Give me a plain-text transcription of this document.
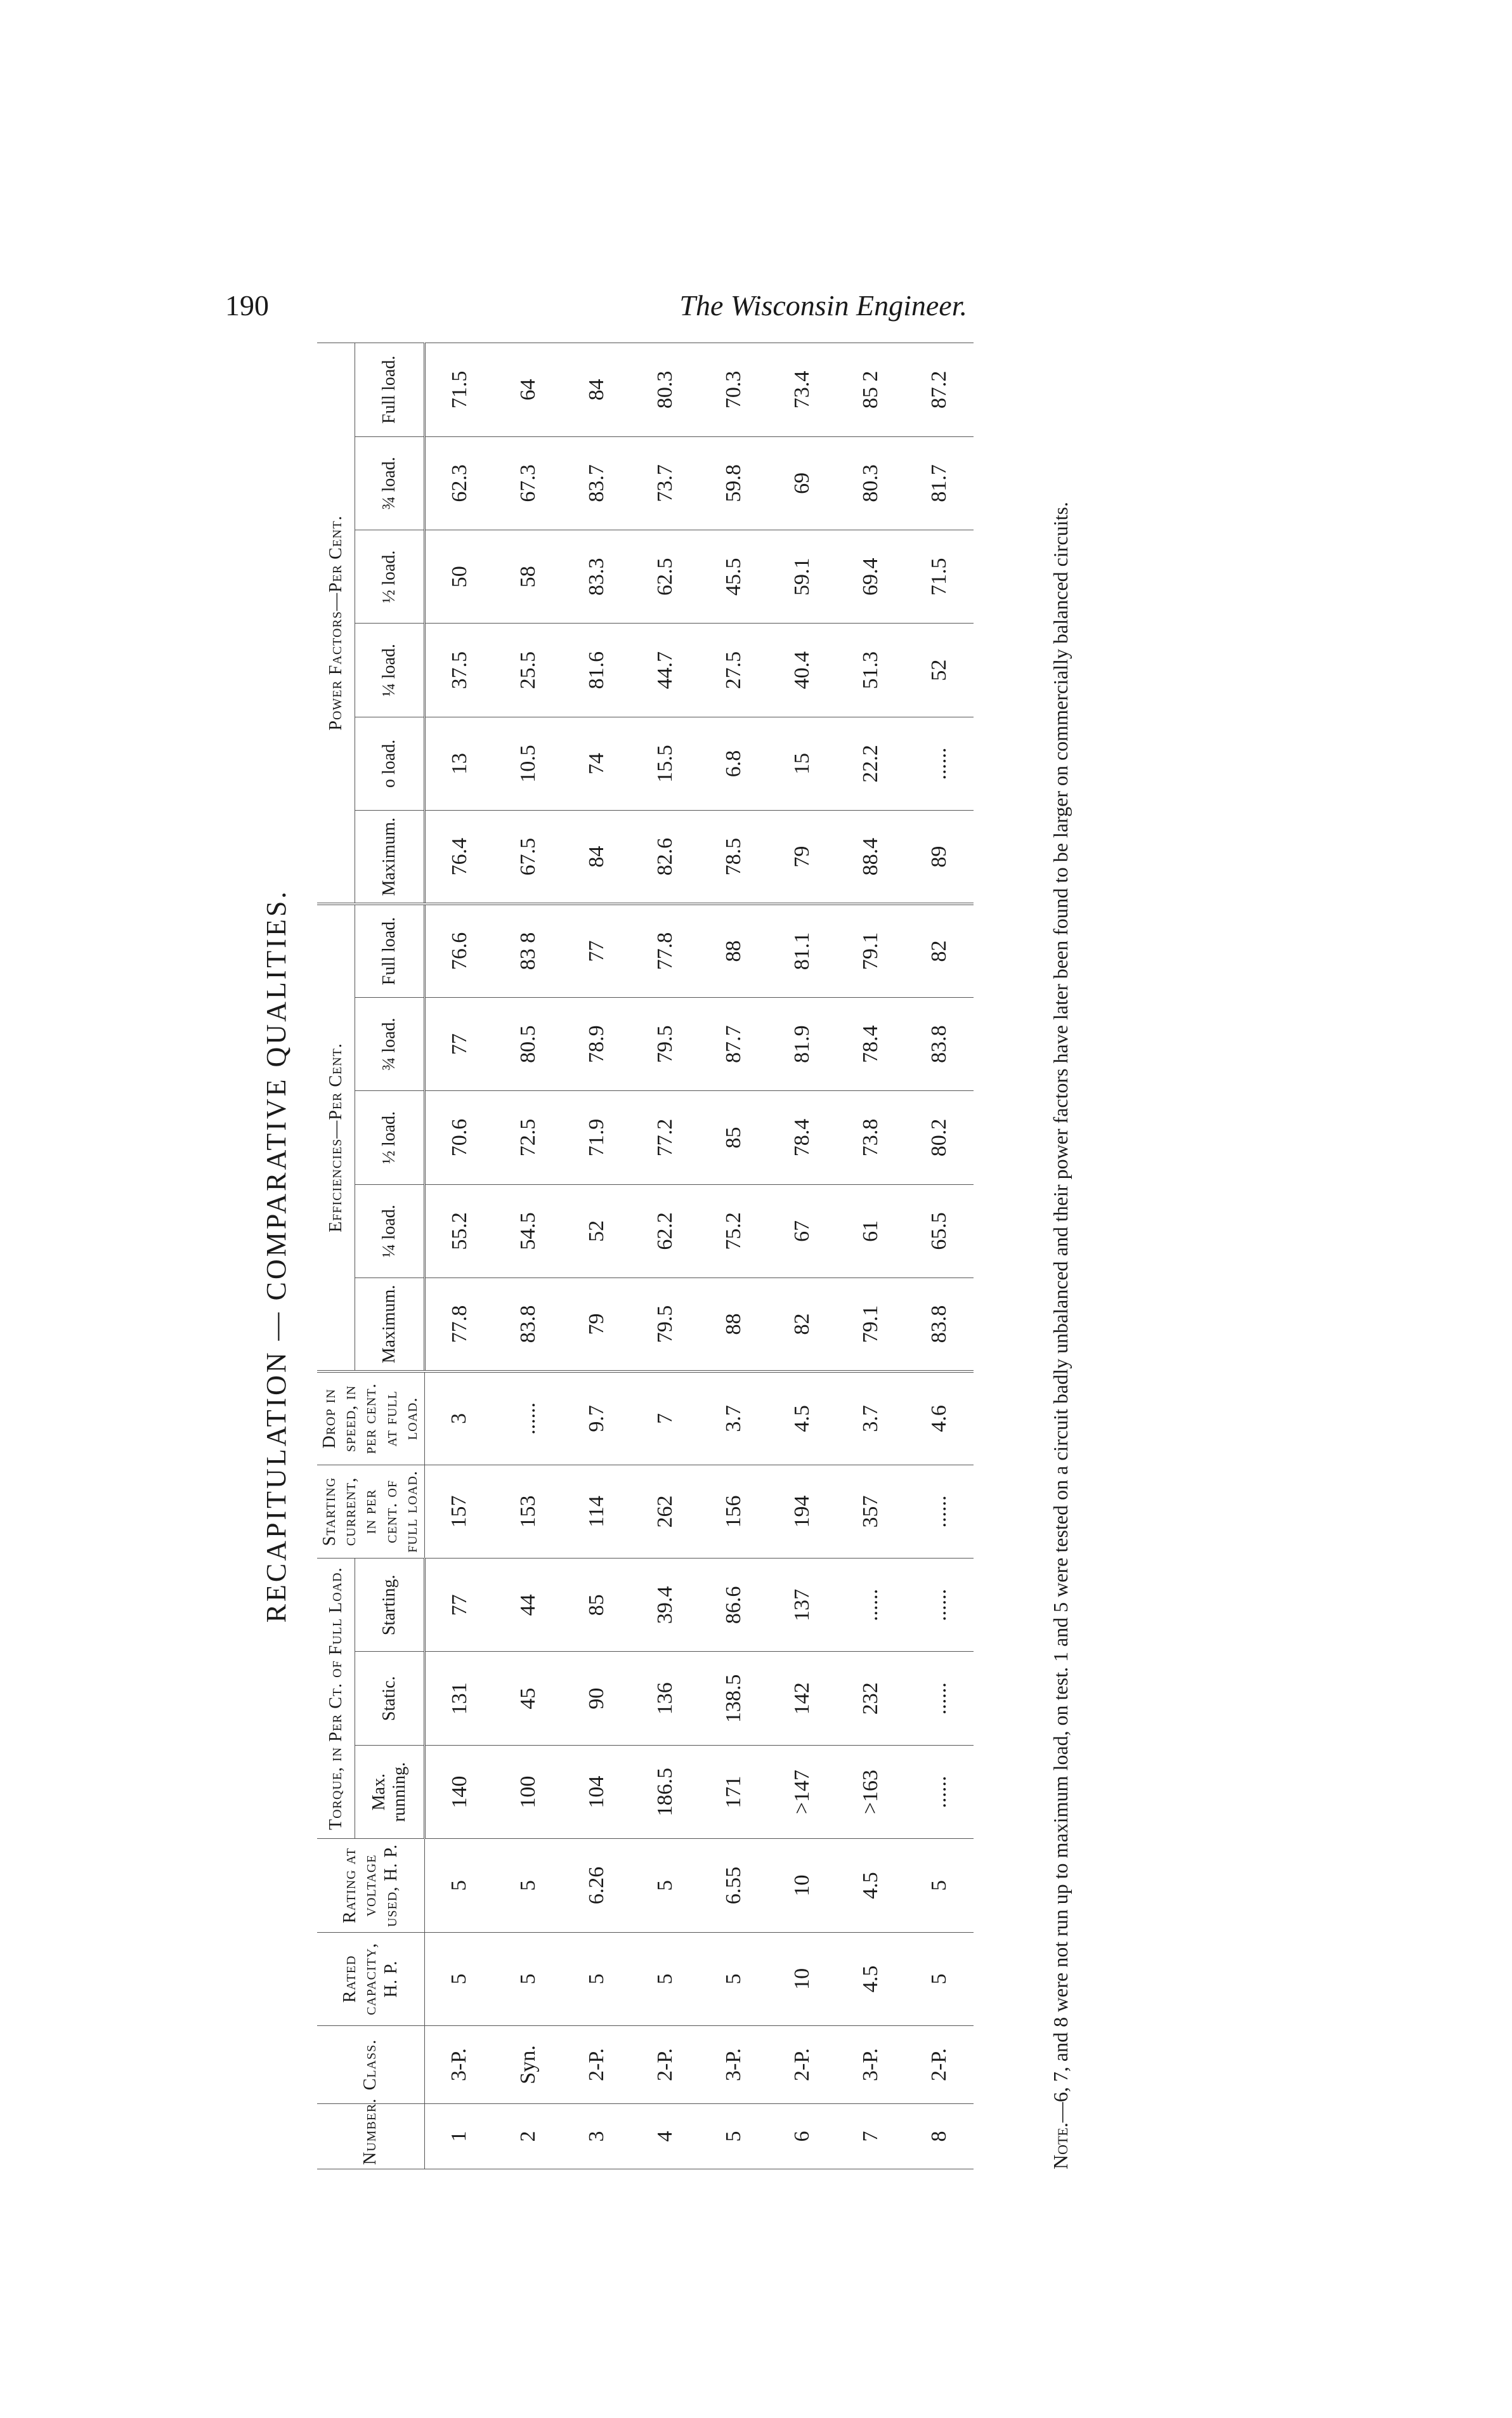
190	The Wisconsin Engineer.
RECAPITULATION — COMPARATIVE QUALITIES.
Number.	Class.	Rated capacity, H. P.	Rating at voltage used, H. P.	Torque, in Per Ct. of Full Load.			Starting current, in per cent. of full load.	Drop in speed, in per cent. at full load.	Efficiencies—Per Cent.					Power Factors—Per Cent.					
				Max. running.	Static.	Starting.			Maximum.	¼ load.	½ load.	¾ load.	Full load.	Maximum.	o load.	¼ load.	½ load.	¾ load.	Full load.
1	3-P.	5	5	140	131	77	157	3	77.8	55.2	70.6	77	76.6	76.4	13	37.5	50	62.3	71.5
2	Syn.	5	5	100	45	44	153	......	83.8	54.5	72.5	80.5	83 8	67.5	10.5	25.5	58	67.3	64
3	2-P.	5	6.26	104	90	85	114	9.7	79	52	71.9	78.9	77	84	74	81.6	83.3	83.7	84
4	2-P.	5	5	186.5	136	39.4	262	7	79.5	62.2	77.2	79.5	77.8	82.6	15.5	44.7	62.5	73.7	80.3
5	3-P.	5	6.55	171	138.5	86.6	156	3.7	88	75.2	85	87.7	88	78.5	6.8	27.5	45.5	59.8	70.3
6	2-P.	10	10	>147	142	137	194	4.5	82	67	78.4	81.9	81.1	79	15	40.4	59.1	69	73.4
7	3-P.	4.5	4.5	>163	232	......	357	3.7	79.1	61	73.8	78.4	79.1	88.4	22.2	51.3	69.4	80.3	85 2
8	2-P.	5	5	......	......	......	......	4.6	83.8	65.5	80.2	83.8	82	89	......	52	71.5	81.7	87.2
Note.—6, 7, and 8 were not run up to maximum load, on test. 1 and 5 were tested on a circuit badly unbalanced and their power factors have later been found to be larger on commercially balanced circuits.
